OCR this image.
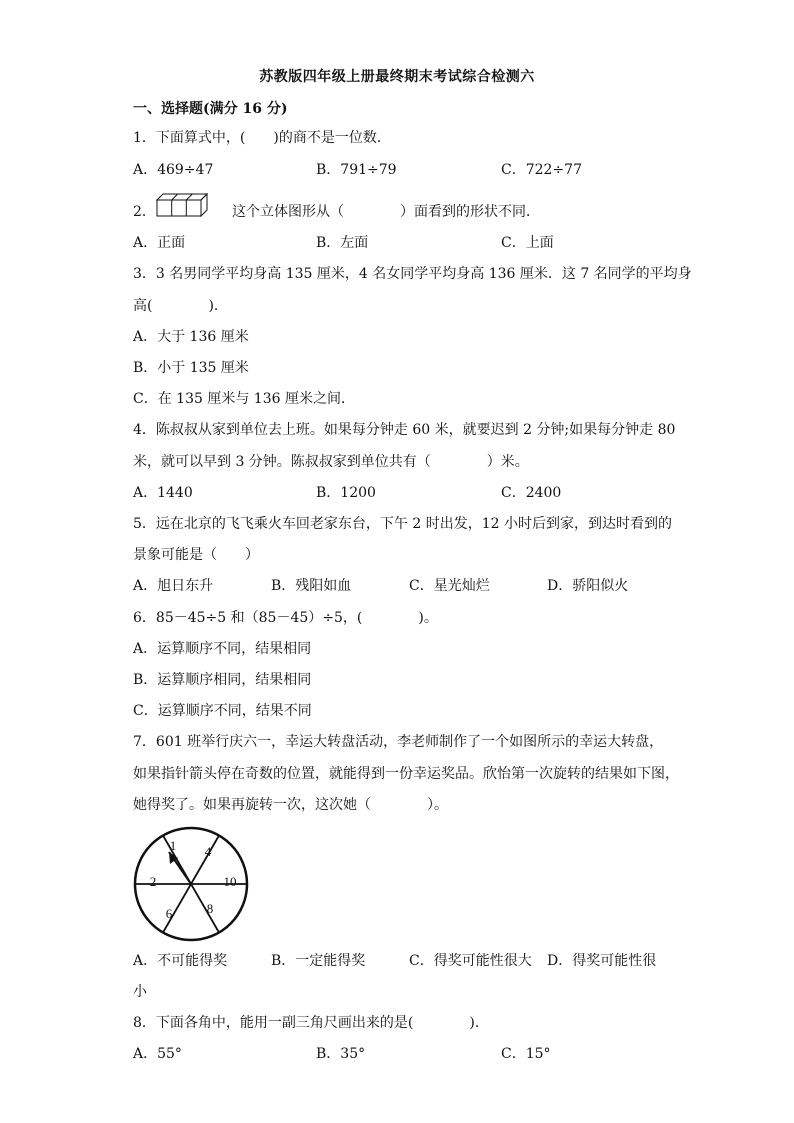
苏教版四年级上册最终期末考试综合检测六
一、选择题(满分 16 分)
1．下面算式中，(　　)的商不是一位数．
A．469÷47	B．791÷79	C．722÷77
2．	这个立体图形从（　　　　）面看到的形状不同．
A．正面	B．左面	C．上面
3．3 名男同学平均身高 135 厘米，4 名女同学平均身高 136 厘米．这 7 名同学的平均身
高(　　　　)．
A．大于 136 厘米
B．小于 135 厘米
C．在 135 厘米与 136 厘米之间．
4．陈叔叔从家到单位去上班。如果每分钟走 60 米，就要迟到 2 分钟;如果每分钟走 80
米，就可以早到 3 分钟。陈叔叔家到单位共有（　　　　）米。
A．1440	B．1200	C．2400
5．远在北京的飞飞乘火车回老家东台，下午 2 时出发，12 小时后到家，到达时看到的
景象可能是（　　）
A．旭日东升	B．残阳如血	C．星光灿烂	D．骄阳似火
6．85－45÷5 和（85－45）÷5，(　　　　)。
A．运算顺序不同，结果相同
B．运算顺序相同，结果相同
C．运算顺序不同，结果不同
7．601 班举行庆六一，幸运大转盘活动，李老师制作了一个如图所示的幸运大转盘，
如果指针箭头停在奇数的位置，就能得到一份幸运奖品。欣怡第一次旋转的结果如下图，
她得奖了。如果再旋转一次，这次她（　　　　）。
1 4
10
8
6
2
A．不可能得奖	B．一定能得奖	C．得奖可能性很大 D．得奖可能性很
小
8．下面各角中，能用一副三角尺画出来的是(　　　　)．
A．55°	B．35°	C．15°
